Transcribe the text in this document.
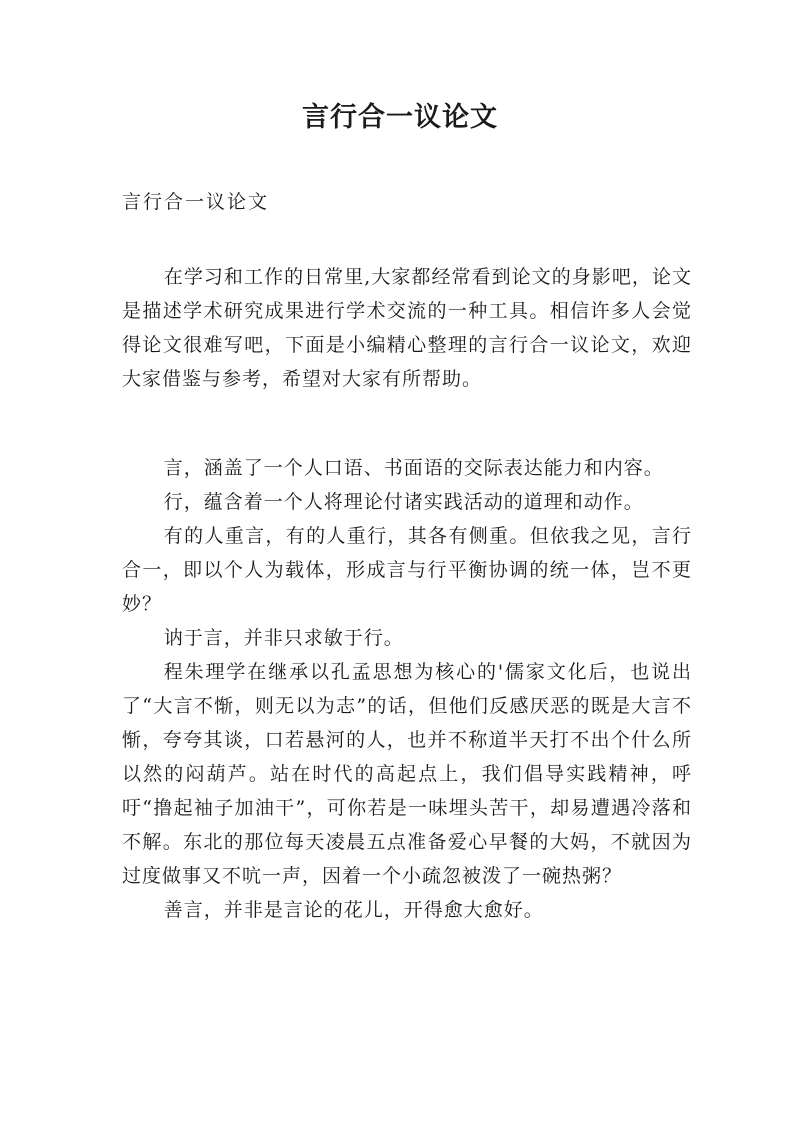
言行合一议论文
言行合一议论文

在学习和工作的日常里,大家都经常看到论文的身影吧，论文是描述学术研究成果进行学术交流的一种工具。相信许多人会觉得论文很难写吧，下面是小编精心整理的言行合一议论文，欢迎大家借鉴与参考，希望对大家有所帮助。

言，涵盖了一个人口语、书面语的交际表达能力和内容。

行，蕴含着一个人将理论付诸实践活动的道理和动作。

有的人重言，有的人重行，其各有侧重。但依我之见，言行合一，即以个人为载体，形成言与行平衡协调的统一体，岂不更妙？

讷于言，并非只求敏于行。

程朱理学在继承以孔孟思想为核心的'儒家文化后，也说出了“大言不惭，则无以为志”的话，但他们反感厌恶的既是大言不惭，夸夸其谈，口若悬河的人，也并不称道半天打不出个什么所以然的闷葫芦。站在时代的高起点上，我们倡导实践精神，呼吁“撸起袖子加油干”，可你若是一味埋头苦干，却易遭遇冷落和不解。东北的那位每天凌晨五点准备爱心早餐的大妈，不就因为过度做事又不吭一声，因着一个小疏忽被泼了一碗热粥？

善言，并非是言论的花儿，开得愈大愈好。
